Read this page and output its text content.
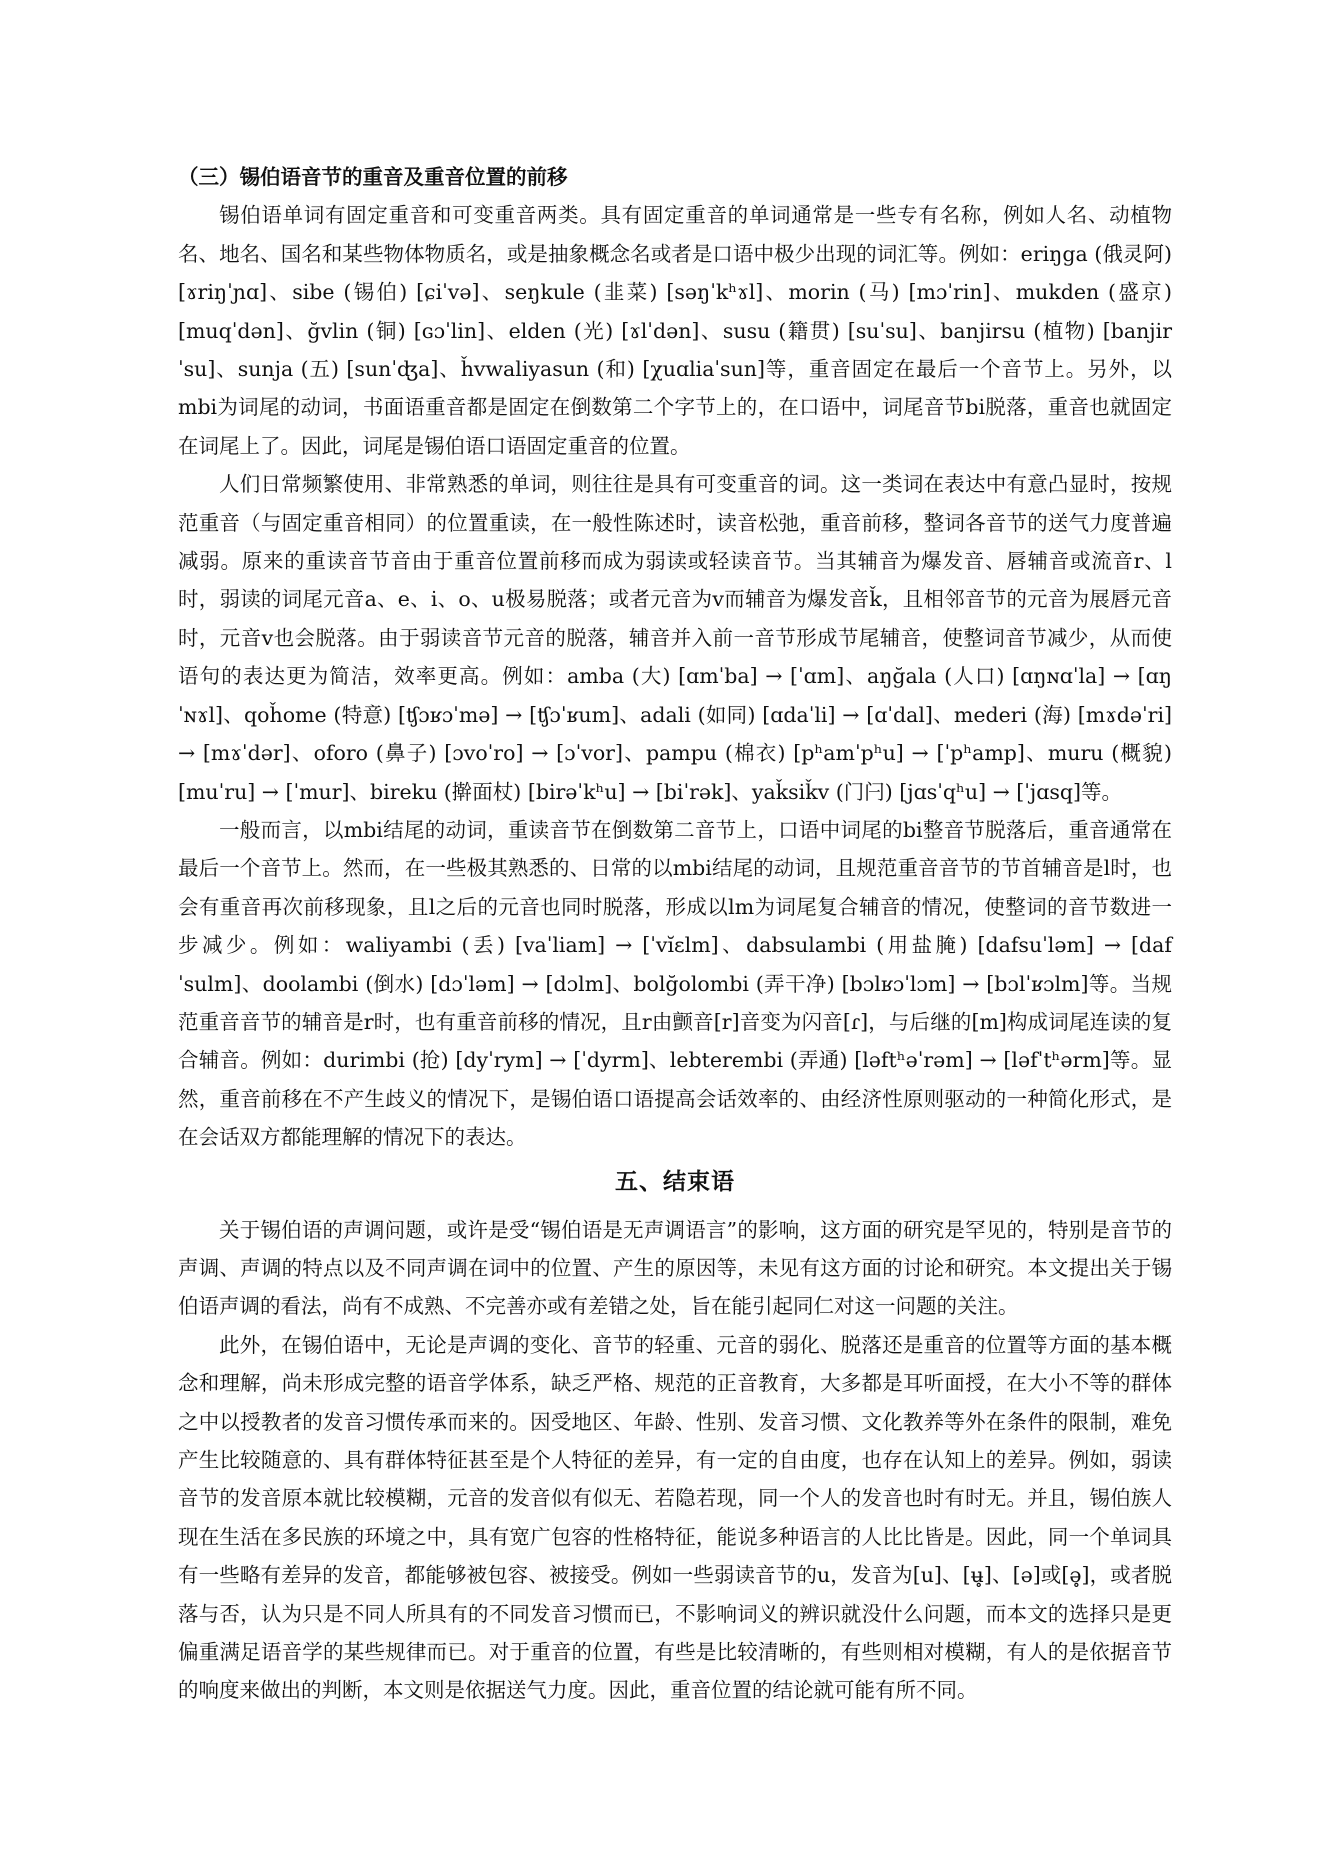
（三）锡伯语音节的重音及重音位置的前移

锡伯语单词有固定重音和可变重音两类。具有固定重音的单词通常是一些专有名称，例如人名、动植物名、地名、国名和某些物体物质名，或是抽象概念名或者是口语中极少出现的词汇等。例如：eriŋga (俄灵阿) [ɤriŋˈɲɑ]、sibe (锡伯) [ɕiˈvə]、seŋkule (韭菜) [səŋˈkʰɤl]、morin (马) [mɔˈrin]、mukden (盛京) [muqˈdən]、ğvlin (铜) [ɢɔˈlin]、elden (光) [ɤlˈdən]、susu (籍贯) [suˈsu]、banjirsu (植物) [banjirˈsu]、sunja (五) [sunˈʤa]、ȟvwaliyasun (和) [χuɑliaˈsun]等，重音固定在最后一个音节上。另外，以mbi为词尾的动词，书面语重音都是固定在倒数第二个字节上的，在口语中，词尾音节bi脱落，重音也就固定在词尾上了。因此，词尾是锡伯语口语固定重音的位置。

人们日常频繁使用、非常熟悉的单词，则往往是具有可变重音的词。这一类词在表达中有意凸显时，按规范重音（与固定重音相同）的位置重读，在一般性陈述时，读音松弛，重音前移，整词各音节的送气力度普遍减弱。原来的重读音节音由于重音位置前移而成为弱读或轻读音节。当其辅音为爆发音、唇辅音或流音r、l时，弱读的词尾元音a、e、i、o、u极易脱落；或者元音为v而辅音为爆发音ǩ，且相邻音节的元音为展唇元音时，元音v也会脱落。由于弱读音节元音的脱落，辅音并入前一音节形成节尾辅音，使整词音节减少，从而使语句的表达更为简洁，效率更高。例如：amba (大) [ɑmˈba] → [ˈɑm]、aŋğala (人口) [ɑŋɴɑˈla] → [ɑŋˈɴɤl]、qoȟome (特意) [ʧɔʁɔˈmə] → [ʧɔˈʁum]、adali (如同) [ɑdaˈli] → [ɑˈdal]、mederi (海) [mɤdəˈri] → [mɤˈdər]、oforo (鼻子) [ɔvoˈro] → [ɔˈvor]、pampu (棉衣) [pʰamˈpʰu] → [ˈpʰamp]、muru (概貌) [muˈru] → [ˈmur]、bireku (擀面杖) [birəˈkʰu] → [biˈrək]、yaǩsiǩv (门闩) [jɑsˈqʰu] → [ˈjɑsq]等。

一般而言，以mbi结尾的动词，重读音节在倒数第二音节上，口语中词尾的bi整音节脱落后，重音通常在最后一个音节上。然而，在一些极其熟悉的、日常的以mbi结尾的动词，且规范重音音节的节首辅音是l时，也会有重音再次前移现象，且l之后的元音也同时脱落，形成以lm为词尾复合辅音的情况，使整词的音节数进一步减少。例如：waliyambi (丢) [vaˈliam] → [ˈvĭɛlm]、dabsulambi (用盐腌) [dafsuˈləm] → [dafˈsulm]、doolambi (倒水) [dɔˈləm] → [dɔlm]、bolğolombi (弄干净) [bɔlʁɔˈlɔm] → [bɔlˈʁɔlm]等。当规范重音音节的辅音是r时，也有重音前移的情况，且r由颤音[r]音变为闪音[ɾ]，与后继的[m]构成词尾连读的复合辅音。例如：durimbi (抢) [dyˈrym] → [ˈdyrm]、lebterembi (弄通) [ləftʰəˈrəm] → [ləfˈtʰərm]等。显然，重音前移在不产生歧义的情况下，是锡伯语口语提高会话效率的、由经济性原则驱动的一种简化形式，是在会话双方都能理解的情况下的表达。

五、结束语

关于锡伯语的声调问题，或许是受“锡伯语是无声调语言”的影响，这方面的研究是罕见的，特别是音节的声调、声调的特点以及不同声调在词中的位置、产生的原因等，未见有这方面的讨论和研究。本文提出关于锡伯语声调的看法，尚有不成熟、不完善亦或有差错之处，旨在能引起同仁对这一问题的关注。

此外，在锡伯语中，无论是声调的变化、音节的轻重、元音的弱化、脱落还是重音的位置等方面的基本概念和理解，尚未形成完整的语音学体系，缺乏严格、规范的正音教育，大多都是耳听面授，在大小不等的群体之中以授教者的发音习惯传承而来的。因受地区、年龄、性别、发音习惯、文化教养等外在条件的限制，难免产生比较随意的、具有群体特征甚至是个人特征的差异，有一定的自由度，也存在认知上的差异。例如，弱读音节的发音原本就比较模糊，元音的发音似有似无、若隐若现，同一个人的发音也时有时无。并且，锡伯族人现在生活在多民族的环境之中，具有宽广包容的性格特征，能说多种语言的人比比皆是。因此，同一个单词具有一些略有差异的发音，都能够被包容、被接受。例如一些弱读音节的u，发音为[u]、[ʉ̥]、[ə]或[ə̥]，或者脱落与否，认为只是不同人所具有的不同发音习惯而已，不影响词义的辨识就没什么问题，而本文的选择只是更偏重满足语音学的某些规律而已。对于重音的位置，有些是比较清晰的，有些则相对模糊，有人的是依据音节的响度来做出的判断，本文则是依据送气力度。因此，重音位置的结论就可能有所不同。
